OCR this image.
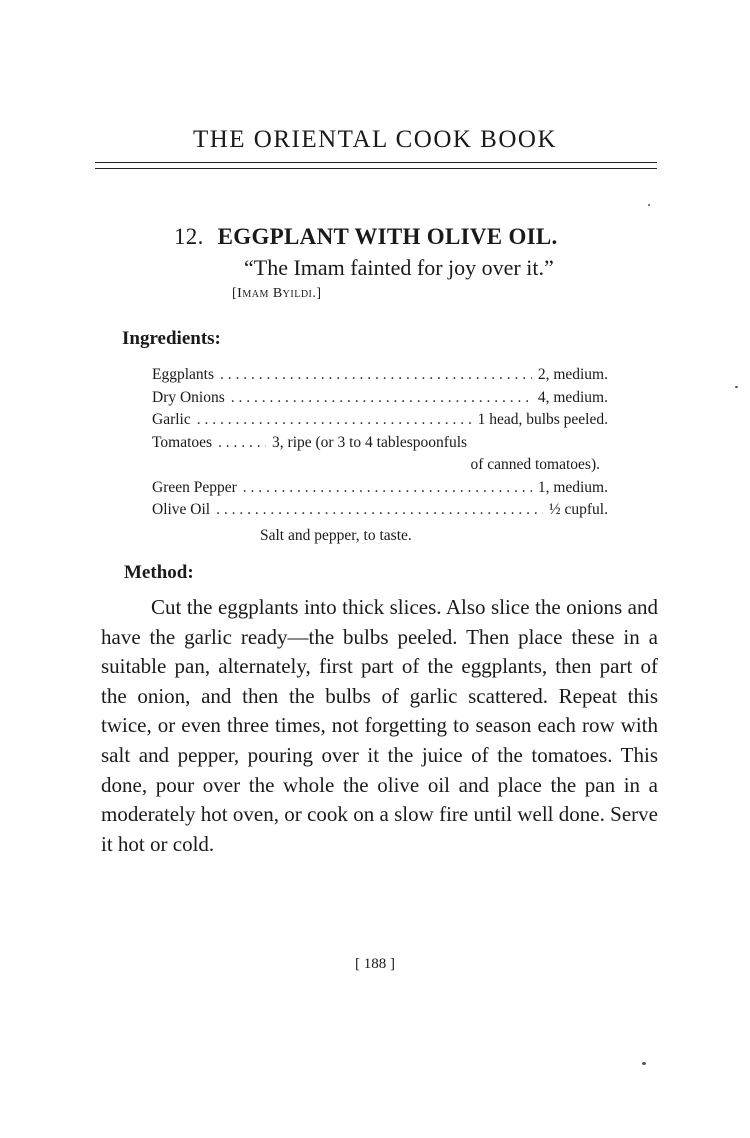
THE ORIENTAL COOK BOOK
12. EGGPLANT WITH OLIVE OIL.
“The Imam fainted for joy over it.”
[Imam Byildi.]
Ingredients:
Eggplants . . .	2, medium.
Dry Onions . . .	4, medium.
Garlic . . .	1 head, bulbs peeled.
Tomatoes . . .	3, ripe (or 3 to 4 tablespoonfuls
of canned tomatoes).
Green Pepper . . .	1, medium.
Olive Oil . . .	½ cupful.
Salt and pepper, to taste.
Method:

Cut the eggplants into thick slices. Also slice the onions and have the garlic ready—the bulbs peeled. Then place these in a suitable pan, alternately, first part of the eggplants, then part of the onion, and then the bulbs of garlic scattered. Repeat this twice, or even three times, not forgetting to season each row with salt and pepper, pouring over it the juice of the tomatoes. This done, pour over the whole the olive oil and place the pan in a moderately hot oven, or cook on a slow fire until well done. Serve it hot or cold.

[ 188 ]
